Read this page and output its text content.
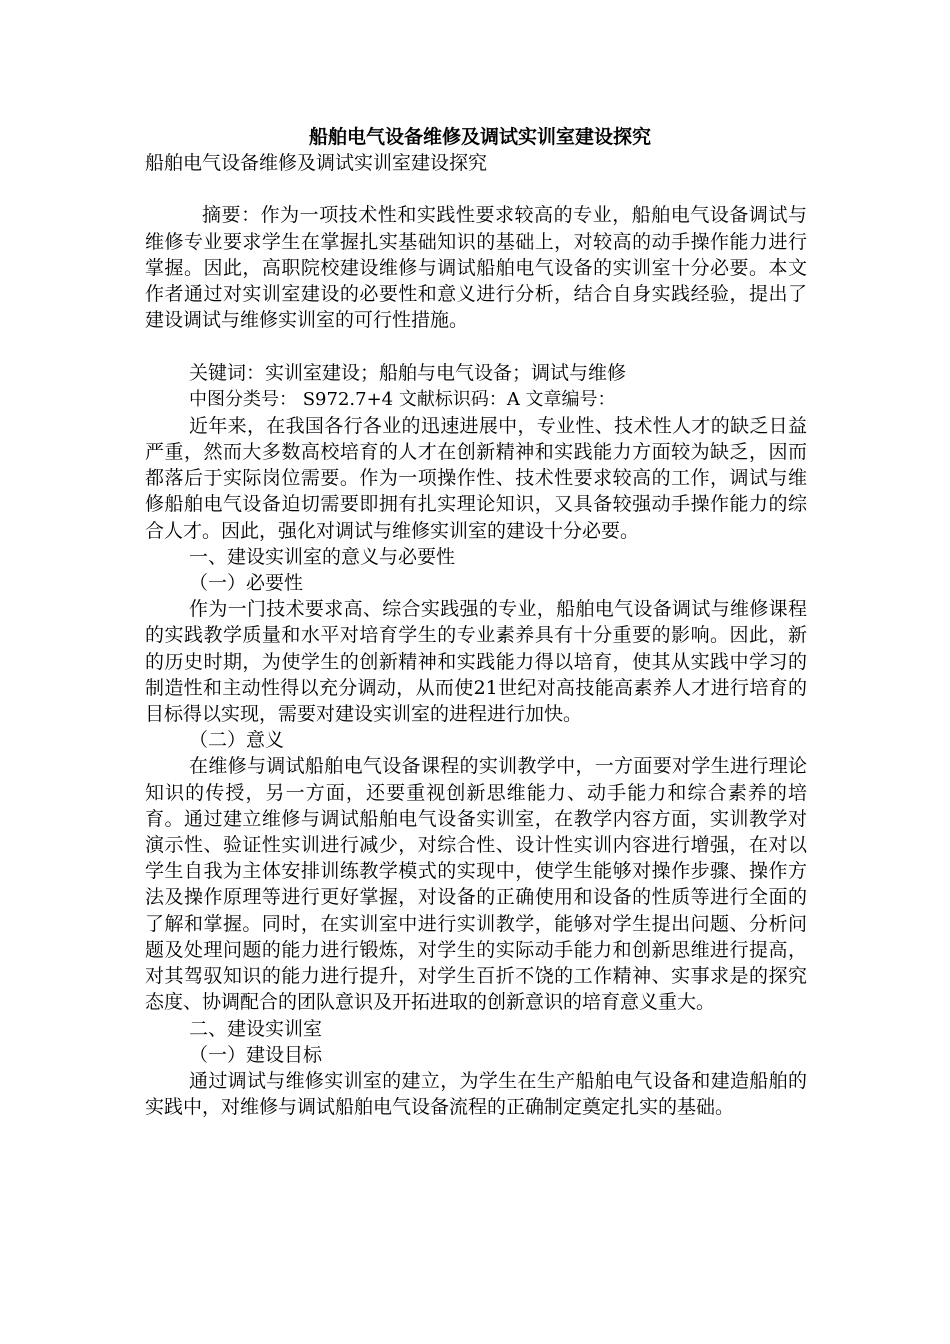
船舶电气设备维修及调试实训室建设探究

船舶电气设备维修及调试实训室建设探究

摘要：作为一项技术性和实践性要求较高的专业，船舶电气设备调试与维修专业要求学生在掌握扎实基础知识的基础上，对较高的动手操作能力进行掌握。因此，高职院校建设维修与调试船舶电气设备的实训室十分必要。本文作者通过对实训室建设的必要性和意义进行分析，结合自身实践经验，提出了建设调试与维修实训室的可行性措施。

关键词：实训室建设；船舶与电气设备；调试与维修

中图分类号： S972.7+4 文献标识码：A 文章编号：

近年来，在我国各行各业的迅速进展中，专业性、技术性人才的缺乏日益严重，然而大多数高校培育的人才在创新精神和实践能力方面较为缺乏，因而都落后于实际岗位需要。作为一项操作性、技术性要求较高的工作，调试与维修船舶电气设备迫切需要即拥有扎实理论知识，又具备较强动手操作能力的综合人才。因此，强化对调试与维修实训室的建设十分必要。

一、建设实训室的意义与必要性

（一）必要性

作为一门技术要求高、综合实践强的专业，船舶电气设备调试与维修课程的实践教学质量和水平对培育学生的专业素养具有十分重要的影响。因此，新的历史时期，为使学生的创新精神和实践能力得以培育，使其从实践中学习的制造性和主动性得以充分调动，从而使21世纪对高技能高素养人才进行培育的目标得以实现，需要对建设实训室的进程进行加快。

（二）意义

在维修与调试船舶电气设备课程的实训教学中，一方面要对学生进行理论知识的传授，另一方面，还要重视创新思维能力、动手能力和综合素养的培育。通过建立维修与调试船舶电气设备实训室，在教学内容方面，实训教学对演示性、验证性实训进行减少，对综合性、设计性实训内容进行增强，在对以学生自我为主体安排训练教学模式的实现中，使学生能够对操作步骤、操作方法及操作原理等进行更好掌握，对设备的正确使用和设备的性质等进行全面的了解和掌握。同时，在实训室中进行实训教学，能够对学生提出问题、分析问题及处理问题的能力进行锻炼，对学生的实际动手能力和创新思维进行提高，对其驾驭知识的能力进行提升，对学生百折不饶的工作精神、实事求是的探究态度、协调配合的团队意识及开拓进取的创新意识的培育意义重大。

二、建设实训室

（一）建设目标

通过调试与维修实训室的建立，为学生在生产船舶电气设备和建造船舶的实践中，对维修与调试船舶电气设备流程的正确制定奠定扎实的基础。
